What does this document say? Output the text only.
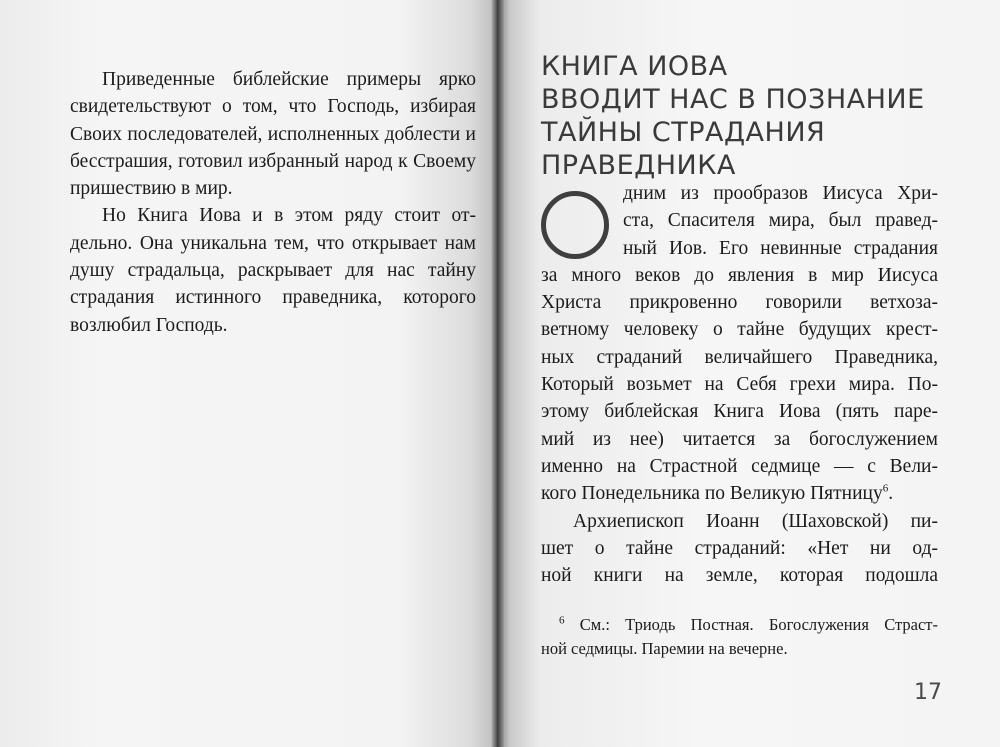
Приведенные библейские примеры ярко свидетельствуют о том, что Господь, избирая Своих последователей, исполненных доблести и бесстрашия, готовил избранный народ к Своему пришествию в мир.

Но Книга Иова и в этом ряду стоит отдельно. Она уникальна тем, что открывает нам душу страдальца, раскрывает для нас тайну страдания истинного праведника, которого возлюбил Господь.

КНИГА ИОВА
ВВОДИТ НАС В ПОЗНАНИЕ
ТАЙНЫ СТРАДАНИЯ
ПРАВЕДНИКА
дним из прообразов Иисуса Хри-
ста, Спасителя мира, был правед-
ный Иов. Его невинные страдания
за много веков до явления в мир Иисуса
Христа прикровенно говорили ветхоза-
ветному человеку о тайне будущих крест-
ных страданий величайшего Праведника,
Который возьмет на Себя грехи мира. По-
этому библейская Книга Иова (пять паре-
мий из нее) читается за богослужением
именно на Страстной седмице — с Вели-
кого Понедельника по Великую Пятницу$^6$.
Архиепископ Иоанн (Шаховской) пи-
шет о тайне страданий: «Нет ни од-
ной книги на земле, которая подошла
$^6$ См.: Триодь Постная. Богослужения Страст-
ной седмицы. Паремии на вечерне.
17
